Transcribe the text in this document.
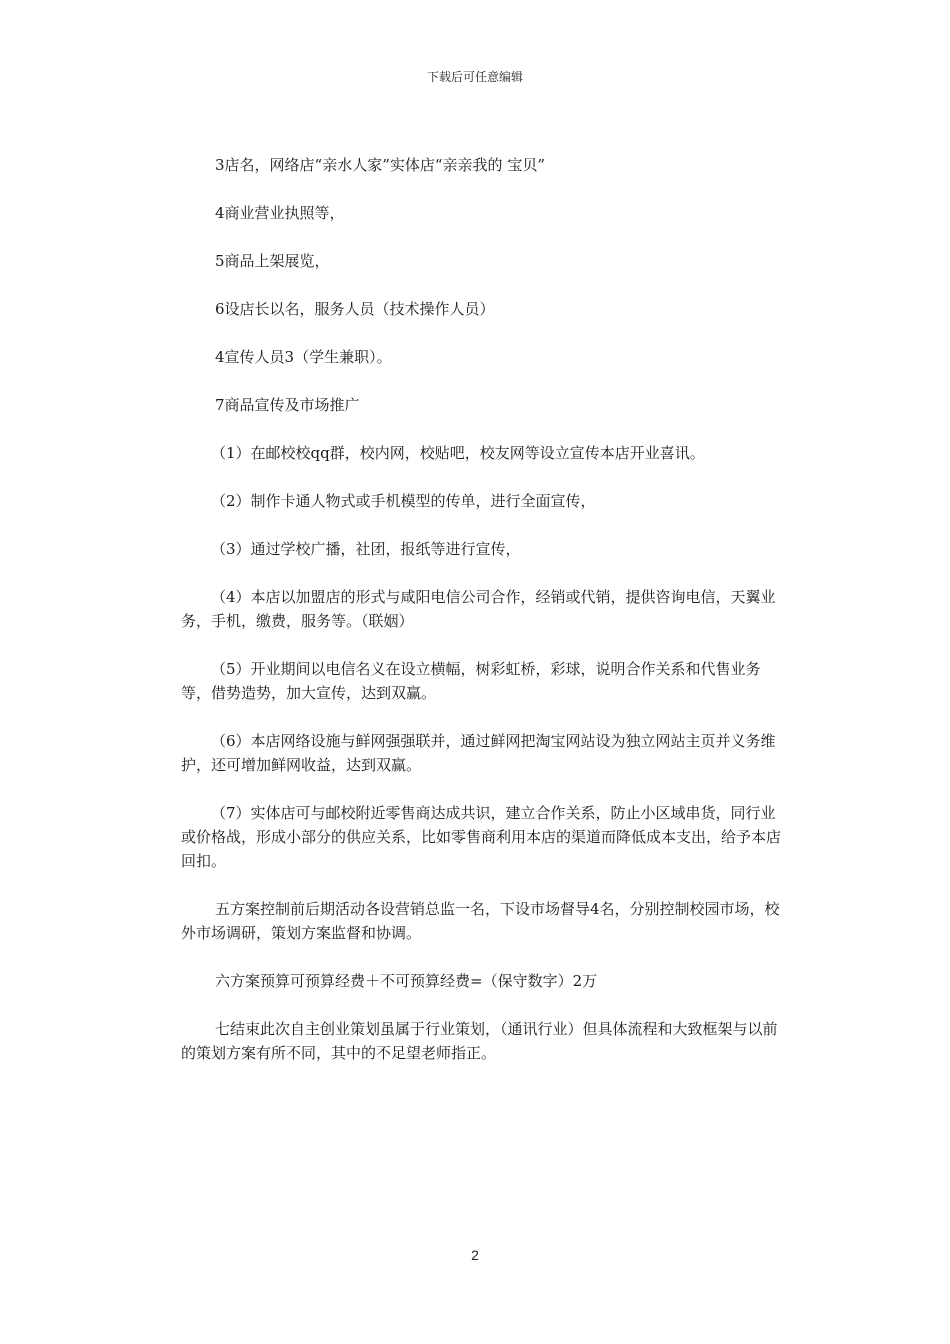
下载后可任意编辑

3店名，网络店“亲水人家”实体店“亲亲我的 宝贝”

4商业营业执照等，

5商品上架展览，

6设店长以名，服务人员（技术操作人员）

4宣传人员3（学生兼职）。

7商品宣传及市场推广

（1）在邮校校qq群，校内网，校贴吧，校友网等设立宣传本店开业喜讯。

（2）制作卡通人物式或手机模型的传单，进行全面宣传，

（3）通过学校广播，社团，报纸等进行宣传，

（4）本店以加盟店的形式与咸阳电信公司合作，经销或代销，提供咨询电信，天翼业务，手机，缴费，服务等。（联姻）

（5）开业期间以电信名义在设立横幅，树彩虹桥，彩球，说明合作关系和代售业务等，借势造势，加大宣传，达到双赢。

（6）本店网络设施与鲜网强强联并，通过鲜网把淘宝网站设为独立网站主页并义务维护，还可增加鲜网收益，达到双赢。

（7）实体店可与邮校附近零售商达成共识，建立合作关系，防止小区域串货，同行业或价格战，形成小部分的供应关系，比如零售商利用本店的渠道而降低成本支出，给予本店回扣。

五方案控制前后期活动各设营销总监一名，下设市场督导4名，分别控制校园市场，校外市场调研，策划方案监督和协调。

六方案预算可预算经费＋不可预算经费=（保守数字）2万

七结束此次自主创业策划虽属于行业策划，（通讯行业）但具体流程和大致框架与以前的策划方案有所不同，其中的不足望老师指正。

2
